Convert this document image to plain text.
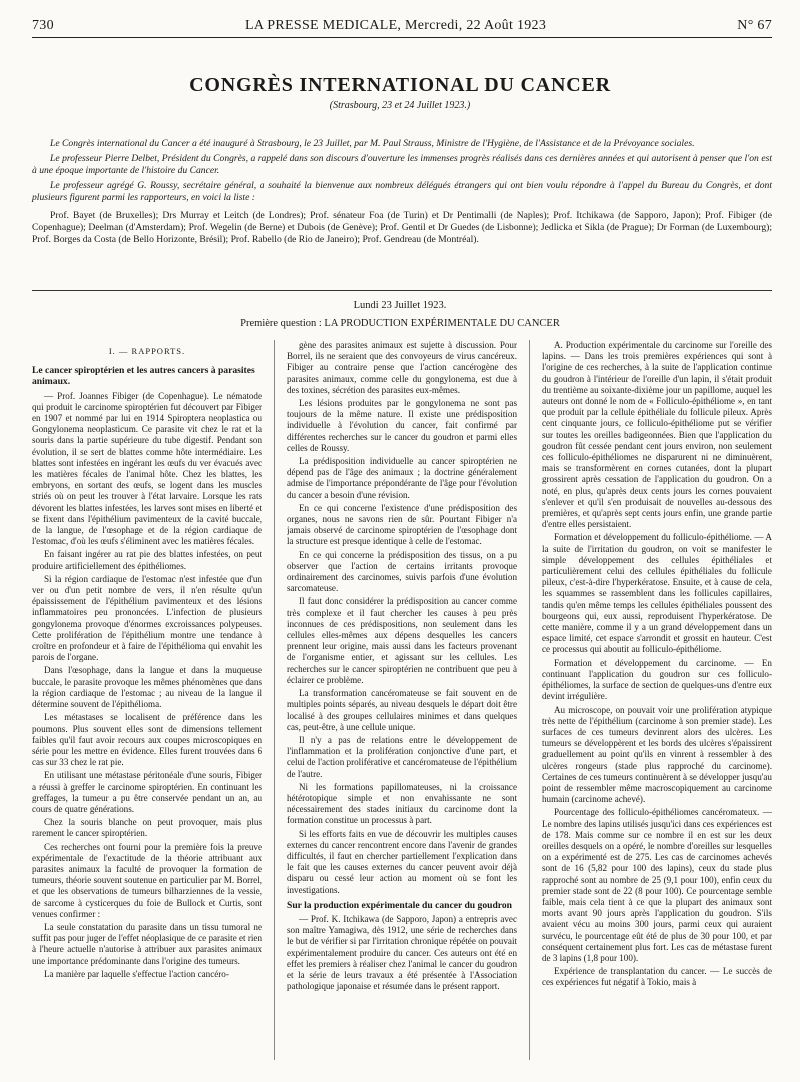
730	LA PRESSE MEDICALE, Mercredi, 22 Août 1923	N° 67
CONGRÈS INTERNATIONAL DU CANCER
(Strasbourg, 23 et 24 Juillet 1923.)

Le Congrès international du Cancer a été inauguré à Strasbourg, le 23 Juillet, par M. Paul Strauss, Ministre de l'Hygiène, de l'Assistance et de la Prévoyance sociales.

Le professeur Pierre Delbet, Président du Congrès, a rappelé dans son discours d'ouverture les immenses progrès réalisés dans ces dernières années et qui autorisent à penser que l'on est à une époque importante de l'histoire du Cancer.

Le professeur agrégé G. Roussy, secrétaire général, a souhaité la bienvenue aux nombreux délégués étrangers qui ont bien voulu répondre à l'appel du Bureau du Congrès, et dont plusieurs figurent parmi les rapporteurs, en voici la liste :

Prof. Bayet (de Bruxelles); Drs Murray et Leitch (de Londres); Prof. sénateur Foa (de Turin) et Dr Pentimalli (de Naples); Prof. Itchikawa (de Sapporo, Japon); Prof. Fibiger (de Copenhague); Deelman (d'Amsterdam); Prof. Wegelin (de Berne) et Dubois (de Genève); Prof. Gentil et Dr Guedes (de Lisbonne); Jedlicka et Sikla (de Prague); Dr Forman (de Luxembourg); Prof. Borges da Costa (de Bello Horizonte, Brésil); Prof. Rabello (de Rio de Janeiro); Prof. Gendreau (de Montréal).

Lundi 23 Juillet 1923.
Première question : LA PRODUCTION EXPÉRIMENTALE DU CANCER
I. — RAPPORTS.
Le cancer spiroptérien et les autres cancers à parasites animaux.

— Prof. Joannes Fibiger (de Copenhague). Le nématode qui produit le carcinome spiroptérien fut découvert par Fibiger en 1907 et nommé par lui en 1914 Spiroptera neoplastica ou Gongylonema neoplasticum. Ce parasite vit chez le rat et la souris dans la partie supérieure du tube digestif. Pendant son évolution, il se sert de blattes comme hôte intermédiaire. Les blattes sont infestées en ingérant les œufs du ver évacués avec les matières fécales de l'animal hôte. Chez les blattes, les embryons, en sortant des œufs, se logent dans les muscles striés où on peut les trouver à l'état larvaire. Lorsque les rats dévorent les blattes infestées, les larves sont mises en liberté et se fixent dans l'épithélium pavimenteux de la cavité buccale, de la langue, de l'œsophage et de la région cardiaque de l'estomac, d'où les œufs s'éliminent avec les matières fécales.

En faisant ingérer au rat pie des blattes infestées, on peut produire artificiellement des épithéliomes.

Si la région cardiaque de l'estomac n'est infestée que d'un ver ou d'un petit nombre de vers, il n'en résulte qu'un épaississement de l'épithélium pavimenteux et des lésions inflammatoires peu prononcées. L'infection de plusieurs gongylonema provoque d'énormes excroissances polypeuses. Cette prolifération de l'épithélium montre une tendance à croître en profondeur et à faire de l'épithélioma qui envahit les parois de l'organe.

Dans l'œsophage, dans la langue et dans la muqueuse buccale, le parasite provoque les mêmes phénomènes que dans la région cardiaque de l'estomac ; au niveau de la langue il détermine souvent de l'épithélioma.

Les métastases se localisent de préférence dans les poumons. Plus souvent elles sont de dimensions tellement faibles qu'il faut avoir recours aux coupes microscopiques en série pour les mettre en évidence. Elles furent trouvées dans 6 cas sur 33 chez le rat pie.

En utilisant une métastase péritonéale d'une souris, Fibiger a réussi à greffer le carcinome spiroptérien. En continuant les greffages, la tumeur a pu être conservée pendant un an, au cours de quatre générations.

Chez la souris blanche on peut provoquer, mais plus rarement le cancer spiroptérien.

Ces recherches ont fourni pour la première fois la preuve expérimentale de l'exactitude de la théorie attribuant aux parasites animaux la faculté de provoquer la formation de tumeurs, théorie souvent soutenue en particulier par M. Borrel, et que les observations de tumeurs bilharziennes de la vessie, de sarcome à cysticerques du foie de Bullock et Curtis, sont venues confirmer :

La seule constatation du parasite dans un tissu tumoral ne suffit pas pour juger de l'effet néoplasique de ce parasite et rien à l'heure actuelle n'autorise à attribuer aux parasites animaux une importance prédominante dans l'origine des tumeurs.

La manière par laquelle s'effectue l'action cancéro-

gène des parasites animaux est sujette à discussion. Pour Borrel, ils ne seraient que des convoyeurs de virus cancéreux. Fibiger au contraire pense que l'action cancérogène des parasites animaux, comme celle du gongylonema, est due à des toxines, sécrétion des parasites eux-mêmes.

Les lésions produites par le gongylonema ne sont pas toujours de la même nature. Il existe une prédisposition individuelle à l'évolution du cancer, fait confirmé par différentes recherches sur le cancer du goudron et parmi elles celles de Roussy.

La prédisposition individuelle au cancer spiroptérien ne dépend pas de l'âge des animaux ; la doctrine généralement admise de l'importance prépondérante de l'âge pour l'évolution du cancer a besoin d'une révision.

En ce qui concerne l'existence d'une prédisposition des organes, nous ne savons rien de sûr. Pourtant Fibiger n'a jamais observé de carcinome spiroptérien de l'œsophage dont la structure est presque identique à celle de l'estomac.

En ce qui concerne la prédisposition des tissus, on a pu observer que l'action de certains irritants provoque ordinairement des carcinomes, suivis parfois d'une évolution sarcomateuse.

Il faut donc considérer la prédisposition au cancer comme très complexe et il faut chercher les causes à peu près inconnues de ces prédispositions, non seulement dans les cellules elles-mêmes aux dépens desquelles les cancers prennent leur origine, mais aussi dans les facteurs provenant de l'organisme entier, et agissant sur les cellules. Les recherches sur le cancer spiroptérien ne contribuent que peu à éclairer ce problème.

La transformation cancéromateuse se fait souvent en de multiples points séparés, au niveau desquels le départ doit être localisé à des groupes cellulaires minimes et dans quelques cas, peut-être, à une cellule unique.

Il n'y a pas de relations entre le développement de l'inflammation et la prolifération conjonctive d'une part, et celui de l'action proliférative et cancéromateuse de l'épithélium de l'autre.

Ni les formations papillomateuses, ni la croissance hétérotopique simple et non envahissante ne sont nécessairement des stades initiaux du carcinome dont la formation constitue un processus à part.

Si les efforts faits en vue de découvrir les multiples causes externes du cancer rencontrent encore dans l'avenir de grandes difficultés, il faut en chercher partiellement l'explication dans le fait que les causes externes du cancer peuvent avoir déjà disparu ou cessé leur action au moment où se font les investigations.

Sur la production expérimentale du cancer du goudron

— Prof. K. Itchikawa (de Sapporo, Japon) a entrepris avec son maître Yamagiwa, dès 1912, une série de recherches dans le but de vérifier si par l'irritation chronique répétée on pouvait expérimentalement produire du cancer. Ces auteurs ont été en effet les premiers à réaliser chez l'animal le cancer du goudron et la série de leurs travaux a été présentée à l'Association pathologique japonaise et résumée dans le présent rapport.

A. Production expérimentale du carcinome sur l'oreille des lapins. — Dans les trois premières expériences qui sont à l'origine de ces recherches, à la suite de l'application continue du goudron à l'intérieur de l'oreille d'un lapin, il s'était produit du trentième au soixante-dixième jour un papillome, auquel les auteurs ont donné le nom de « Folliculo-épithéliome », en tant que produit par la cellule épithéliale du follicule pileux. Après cent cinquante jours, ce folliculo-épithéliome put se vérifier sur toutes les oreilles badigeonnées. Bien que l'application du goudron fût cessée pendant cent jours environ, non seulement ces folliculo-épithéliomes ne disparurent ni ne diminuèrent, mais se transformèrent en cornes cutanées, dont la plupart grossirent après cessation de l'application du goudron. On a noté, en plus, qu'après deux cents jours les cornes pouvaient s'enlever et qu'il s'en produisait de nouvelles au-dessous des premières, et qu'après sept cents jours enfin, une grande partie d'entre elles persistaient.

Formation et développement du folliculo-épithéliome. — A la suite de l'irritation du goudron, on voit se manifester le simple développement des cellules épithéliales et particulièrement celui des cellules épithéliales du follicule pileux, c'est-à-dire l'hyperkératose. Ensuite, et à cause de cela, les squammes se rassemblent dans les follicules capillaires, tandis qu'en même temps les cellules épithéliales poussent des bourgeons qui, eux aussi, reproduisent l'hyperkératose. De cette manière, comme il y a un grand développement dans un espace limité, cet espace s'arrondit et grossit en hauteur. C'est ce processus qui aboutit au folliculo-épithéliome.

Formation et développement du carcinome. — En continuant l'application du goudron sur ces folliculo-épithéliomes, la surface de section de quelques-uns d'entre eux devint irrégulière.

Au microscope, on pouvait voir une prolifération atypique très nette de l'épithélium (carcinome à son premier stade). Les surfaces de ces tumeurs devinrent alors des ulcères. Les tumeurs se développèrent et les bords des ulcères s'épaissirent graduellement au point qu'ils en vinrent à ressembler à des ulcères rongeurs (stade plus rapproché du carcinome). Certaines de ces tumeurs continuèrent à se développer jusqu'au point de ressembler même macroscopiquement au carcinome humain (carcinome achevé).

Pourcentage des folliculo-épithéliomes cancéromateux. — Le nombre des lapins utilisés jusqu'ici dans ces expériences est de 178. Mais comme sur ce nombre il en est sur les deux oreilles desquels on a opéré, le nombre d'oreilles sur lesquelles on a expérimenté est de 275. Les cas de carcinomes achevés sont de 16 (5,82 pour 100 des lapins), ceux du stade plus rapproché sont au nombre de 25 (9,1 pour 100), enfin ceux du premier stade sont de 22 (8 pour 100). Ce pourcentage semble faible, mais cela tient à ce que la plupart des animaux sont morts avant 90 jours après l'application du goudron. S'ils avaient vécu au moins 300 jours, parmi ceux qui auraient survécu, le pourcentage eût été de plus de 30 pour 100, et par conséquent certainement plus fort. Les cas de métastase furent de 3 lapins (1,8 pour 100).

Expérience de transplantation du cancer. — Le succès de ces expériences fut négatif à Tokio, mais à
